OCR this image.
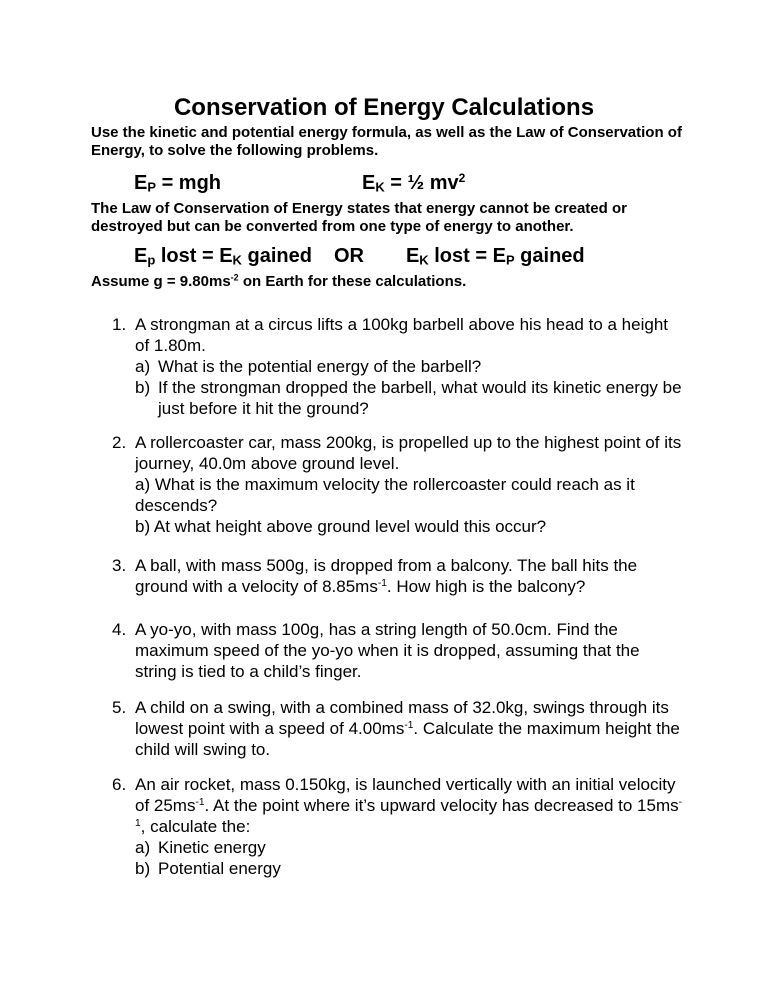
Conservation of Energy Calculations
Use the kinetic and potential energy formula, as well as the Law of Conservation of Energy, to solve the following problems.
$E_P$ = mgh	$E_K$ = ½ $mv^2$
The Law of Conservation of Energy states that energy cannot be created or destroyed but can be converted from one type of energy to another.
$E_p$ lost = $E_K$ gained OR $E_K$ lost = $E_P$ gained
Assume $g = 9.80ms^{-2}$ on Earth for these calculations.
1. A strongman at a circus lifts a 100kg barbell above his head to a height of 1.80m.
a) What is the potential energy of the barbell?
b) If the strongman dropped the barbell, what would its kinetic energy be just before it hit the ground?
2. A rollercoaster car, mass 200kg, is propelled up to the highest point of its journey, 40.0m above ground level.
a) What is the maximum velocity the rollercoaster could reach as it descends?
b) At what height above ground level would this occur?
3. A ball, with mass 500g, is dropped from a balcony. The ball hits the ground with a velocity of $8.85ms^{-1}$. How high is the balcony?
4. A yo-yo, with mass 100g, has a string length of 50.0cm. Find the maximum speed of the yo-yo when it is dropped, assuming that the string is tied to a child’s finger.
5. A child on a swing, with a combined mass of 32.0kg, swings through its lowest point with a speed of $4.00ms^{-1}$. Calculate the maximum height the child will swing to.
6. An air rocket, mass 0.150kg, is launched vertically with an initial velocity of $25ms^{-1}$. At the point where it’s upward velocity has decreased to $15ms^{-1}$, calculate the:
a) Kinetic energy
b) Potential energy
